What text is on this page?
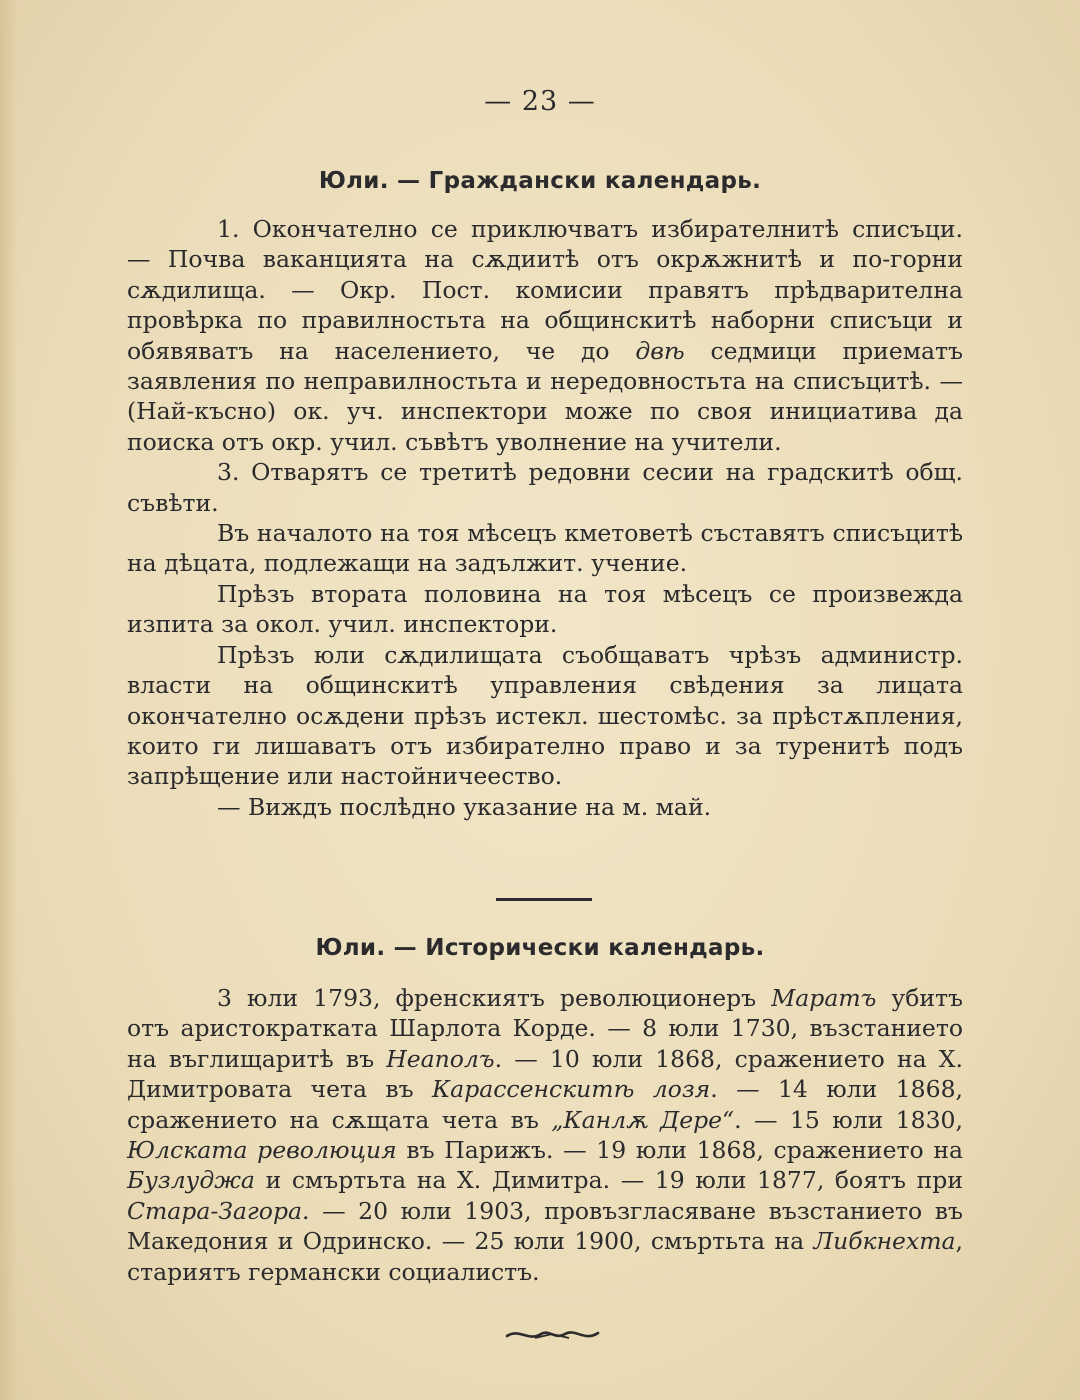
— 23 —
Юли. — Граждански календарь.

1. Окончателно се приключватъ избирателнитѣ списъци. — Почва ваканцията на сѫдиитѣ отъ окрѫжнитѣ и по-горни сѫдилища. — Окр. Пост. комисии правятъ прѣдварителна провѣрка по правилностьта на общинскитѣ наборни списъци и обявяватъ на населението, че до двѣ седмици приематъ заявления по неправилностьта и нередовностьта на списъцитѣ. — (Най-късно) ок. уч. инспектори може по своя инициатива да поиска отъ окр. учил. съвѣтъ уволнение на учители.

3. Отварятъ се третитѣ редовни сесии на градскитѣ общ. съвѣти.

Въ началото на тоя мѣсецъ кметоветѣ съставятъ списъцитѣ на дѣцата, подлежащи на задължит. учение.

Прѣзъ втората половина на тоя мѣсецъ се произвежда изпита за окол. учил. инспектори.

Прѣзъ юли сѫдилищата съобщаватъ чрѣзъ администр. власти на общинскитѣ управления свѣдения за лицата окончателно осѫдени прѣзъ истекл. шестомѣс. за прѣстѫпления, които ги лишаватъ отъ избирателно право и за туренитѣ подъ запрѣщение или настойничеество.

— Виждъ послѣдно указание на м. май.

Юли. — Исторически календарь.

3 юли 1793, френскиятъ революционеръ Маратъ убитъ отъ аристократката Шарлота Корде. — 8 юли 1730, възстанието на въглищаритѣ въ Неаполъ. — 10 юли 1868, сражението на Х. Димитровата чета въ Карассенскитѣ лозя. — 14 юли 1868, сражението на сѫщата чета въ „Канлѫ Дере“. — 15 юли 1830, Юлската революция въ Парижъ. — 19 юли 1868, сражението на Бузлуджа и смъртьта на Х. Димитра. — 19 юли 1877, боятъ при Стара-Загора. — 20 юли 1903, провъзгласяване възстанието въ Македония и Одринско. — 25 юли 1900, смъртьта на Либкнехта, стариятъ германски социалистъ.
